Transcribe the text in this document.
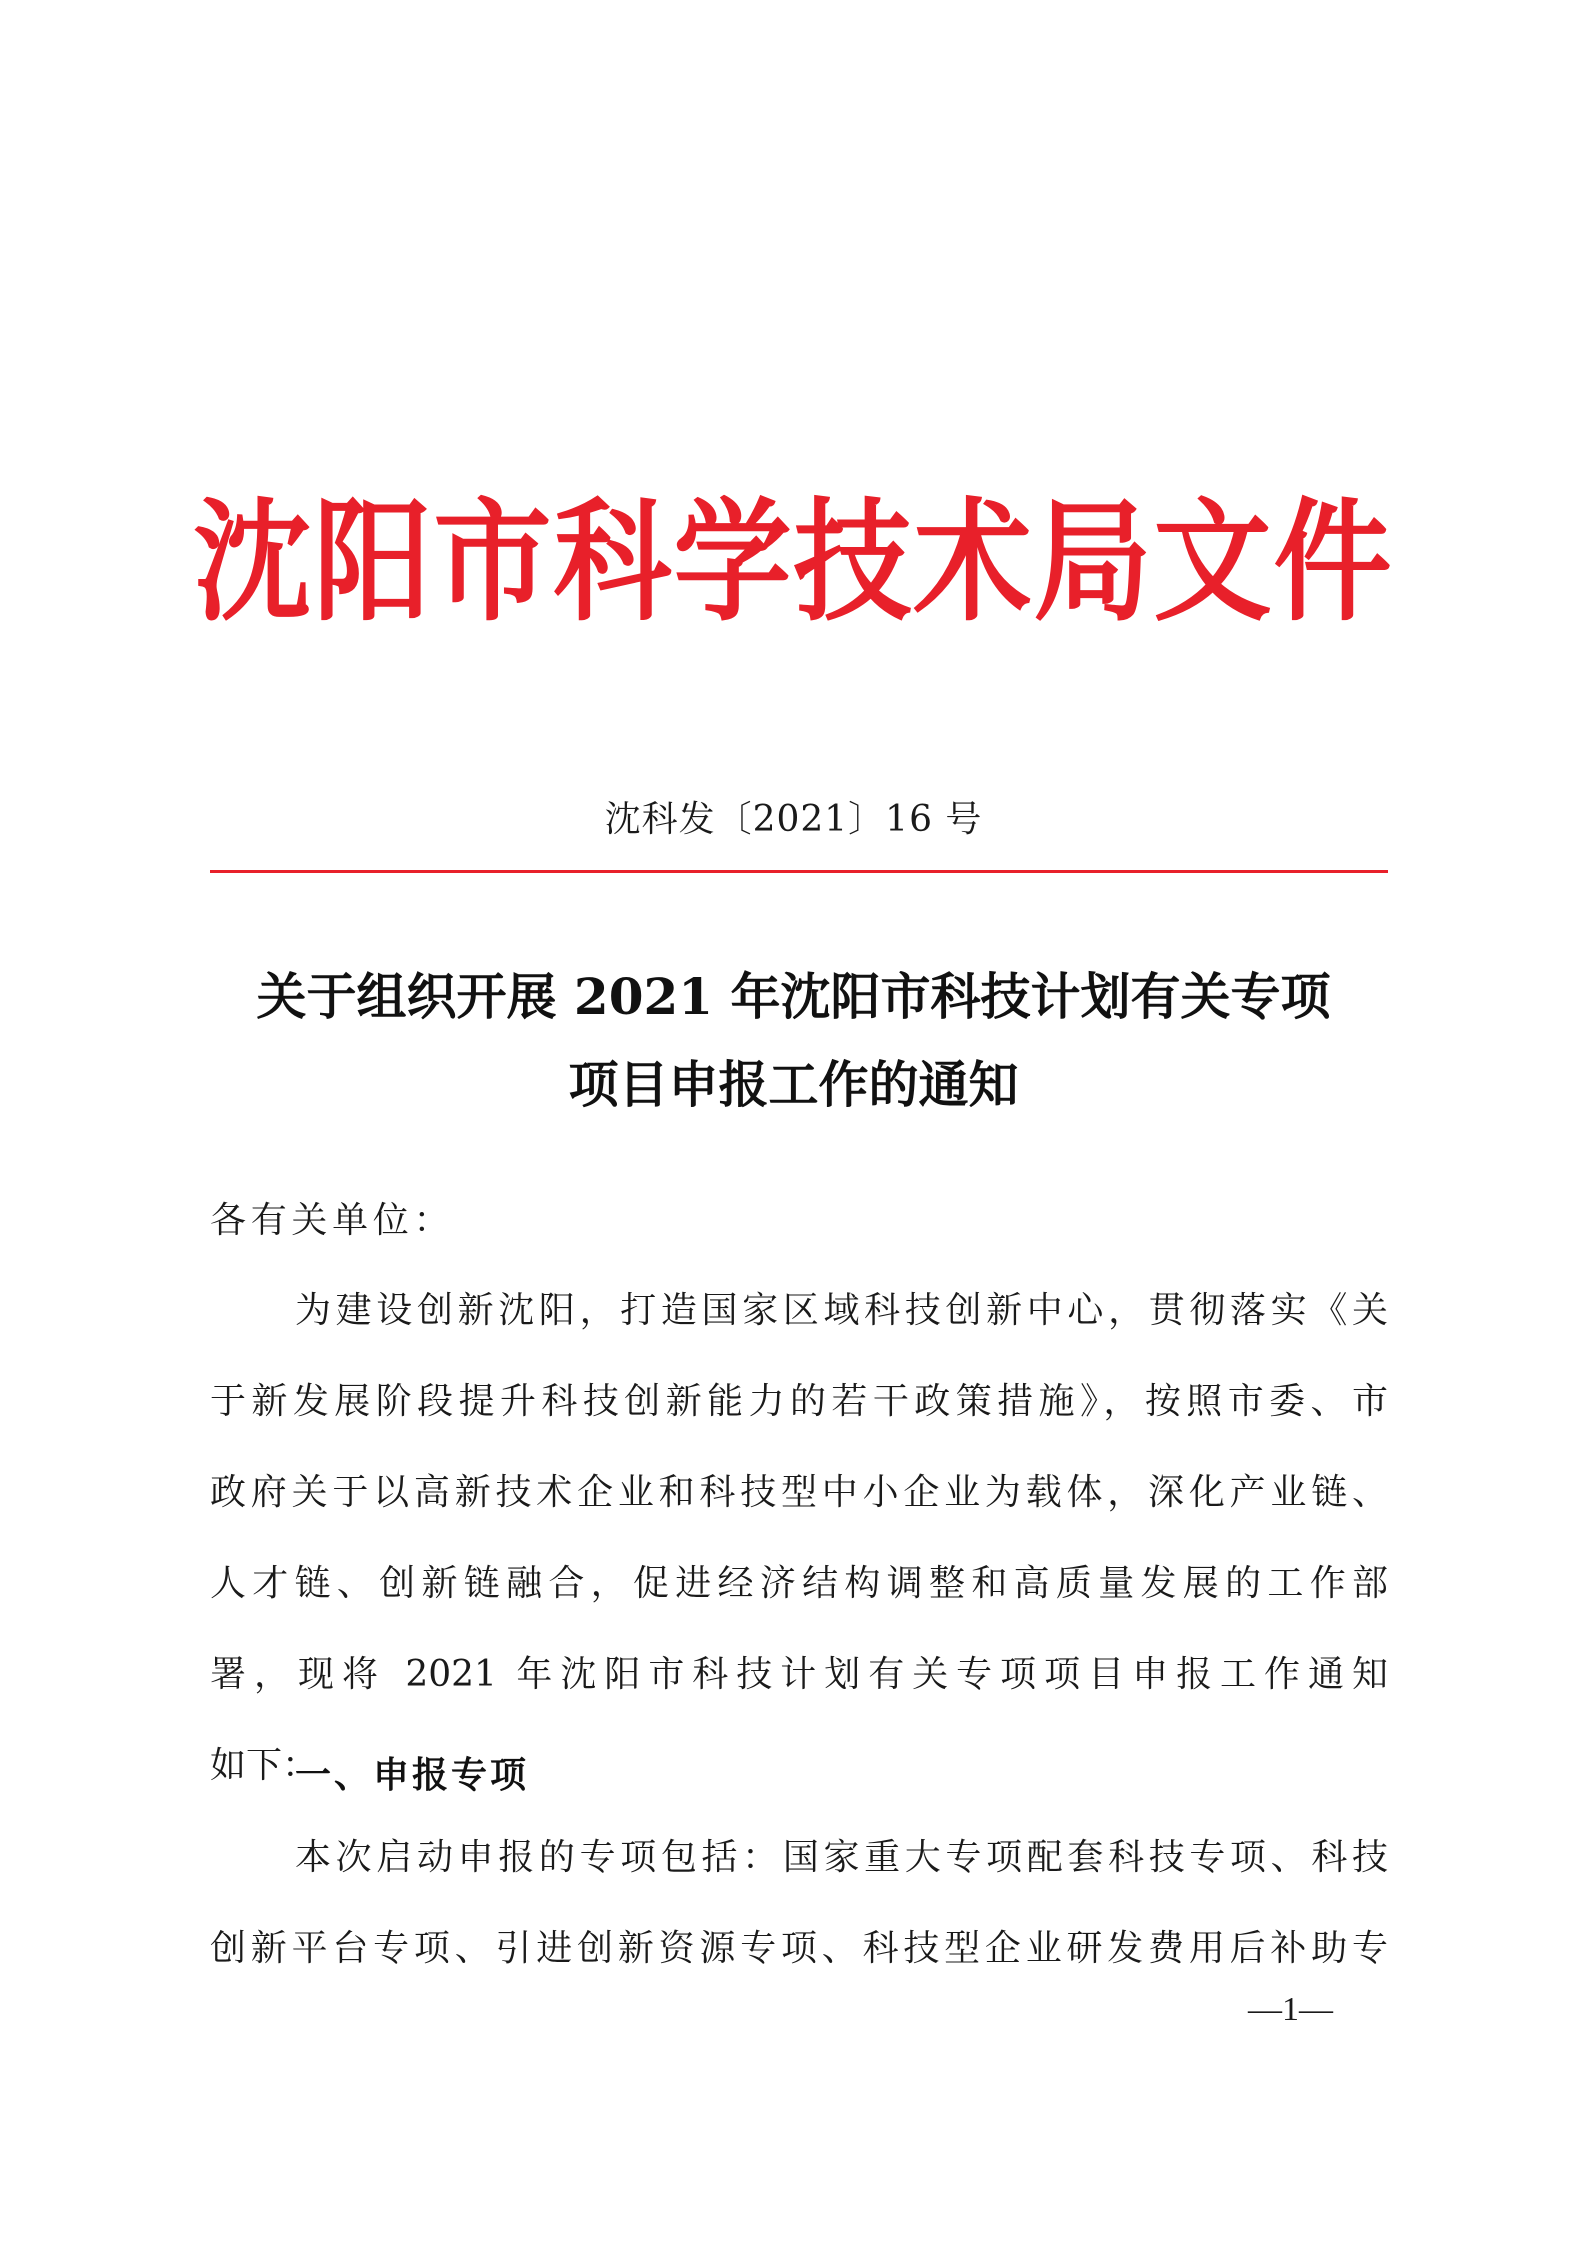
沈阳市科学技术局文件
沈科发〔2021〕16 号
关于组织开展 2021 年沈阳市科技计划有关专项
项目申报工作的通知
各有关单位：
为建设创新沈阳，打造国家区域科技创新中心，贯彻落实《关
于新发展阶段提升科技创新能力的若干政策措施》，按照市委、市
政府关于以高新技术企业和科技型中小企业为载体，深化产业链、
人才链、创新链融合，促进经济结构调整和高质量发展的工作部
署，现将 2021 年沈阳市科技计划有关专项项目申报工作通知
如下：
一、申报专项
本次启动申报的专项包括：国家重大专项配套科技专项、科技
创新平台专项、引进创新资源专项、科技型企业研发费用后补助专
—1—
